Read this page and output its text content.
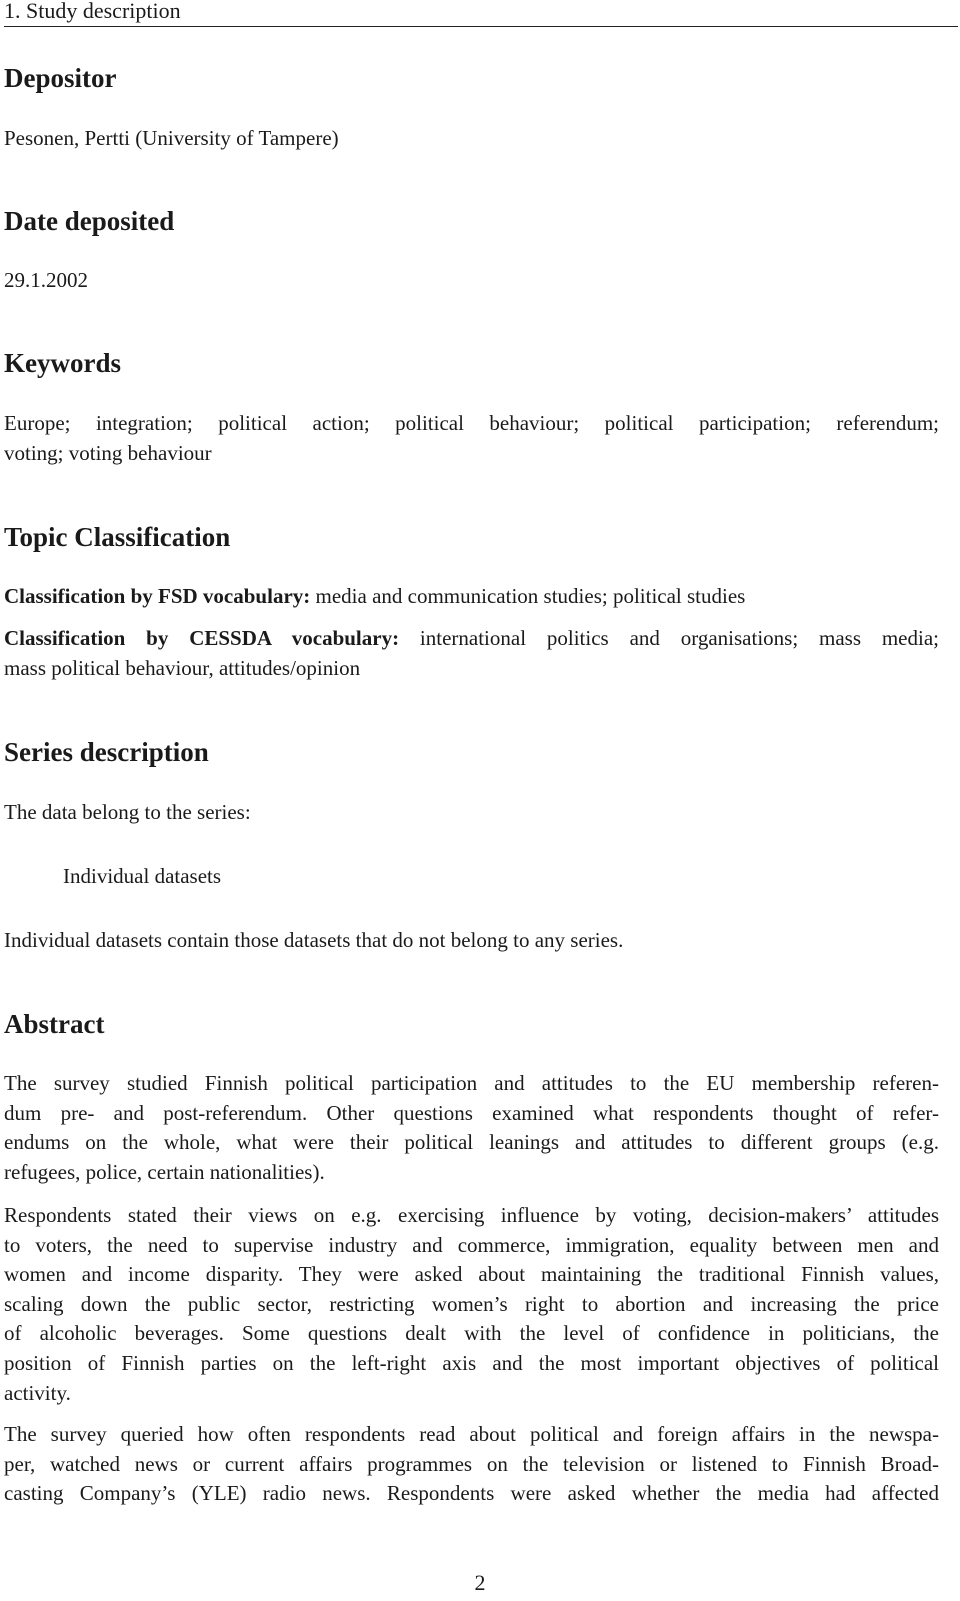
1. Study description
Depositor

Pesonen, Pertti (University of Tampere)

Date deposited

29.1.2002

Keywords

Europe; integration; political action; political behaviour; political participation; referendum;
voting; voting behaviour

Topic Classification

Classification by FSD vocabulary: media and communication studies; political studies

Classification by CESSDA vocabulary: international politics and organisations; mass media;
mass political behaviour, attitudes/opinion

Series description

The data belong to the series:

Individual datasets

Individual datasets contain those datasets that do not belong to any series.

Abstract

The survey studied Finnish political participation and attitudes to the EU membership referen-
dum pre- and post-referendum. Other questions examined what respondents thought of refer-
endums on the whole, what were their political leanings and attitudes to different groups (e.g.
refugees, police, certain nationalities).

Respondents stated their views on e.g. exercising influence by voting, decision-makers’ attitudes
to voters, the need to supervise industry and commerce, immigration, equality between men and
women and income disparity. They were asked about maintaining the traditional Finnish values,
scaling down the public sector, restricting women’s right to abortion and increasing the price
of alcoholic beverages. Some questions dealt with the level of confidence in politicians, the
position of Finnish parties on the left-right axis and the most important objectives of political
activity.

The survey queried how often respondents read about political and foreign affairs in the newspa-
per, watched news or current affairs programmes on the television or listened to Finnish Broad-
casting Company’s (YLE) radio news. Respondents were asked whether the media had affected

2
